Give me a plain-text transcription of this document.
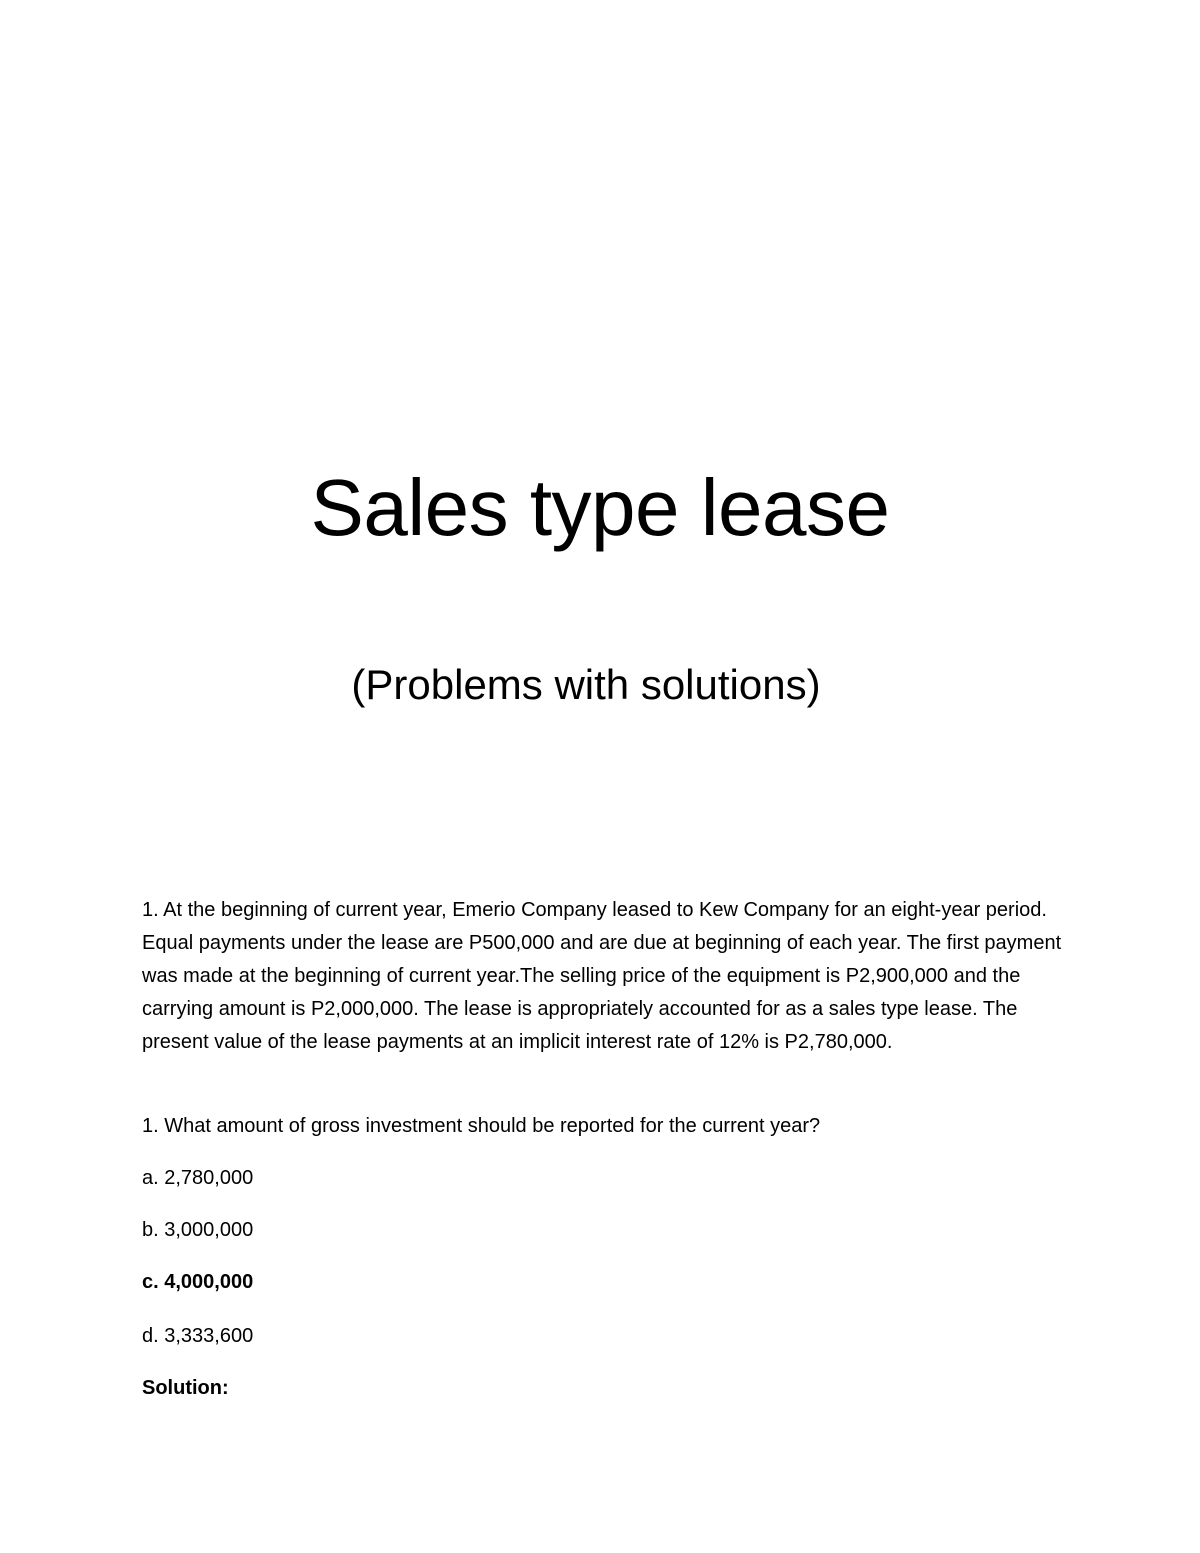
Sales type lease
(Problems with solutions)
1. At the beginning of current year, Emerio Company leased to Kew Company for an eight-year period. Equal payments under the lease are P500,000 and are due at beginning of each year. The first payment was made at the beginning of current year.The selling price of the equipment is P2,900,000 and the carrying amount is P2,000,000. The lease is appropriately accounted for as a sales type lease. The present value of the lease payments at an implicit interest rate of 12% is P2,780,000.
1. What amount of gross investment should be reported for the current year?
a. 2,780,000
b. 3,000,000
c. 4,000,000
d. 3,333,600
Solution:
